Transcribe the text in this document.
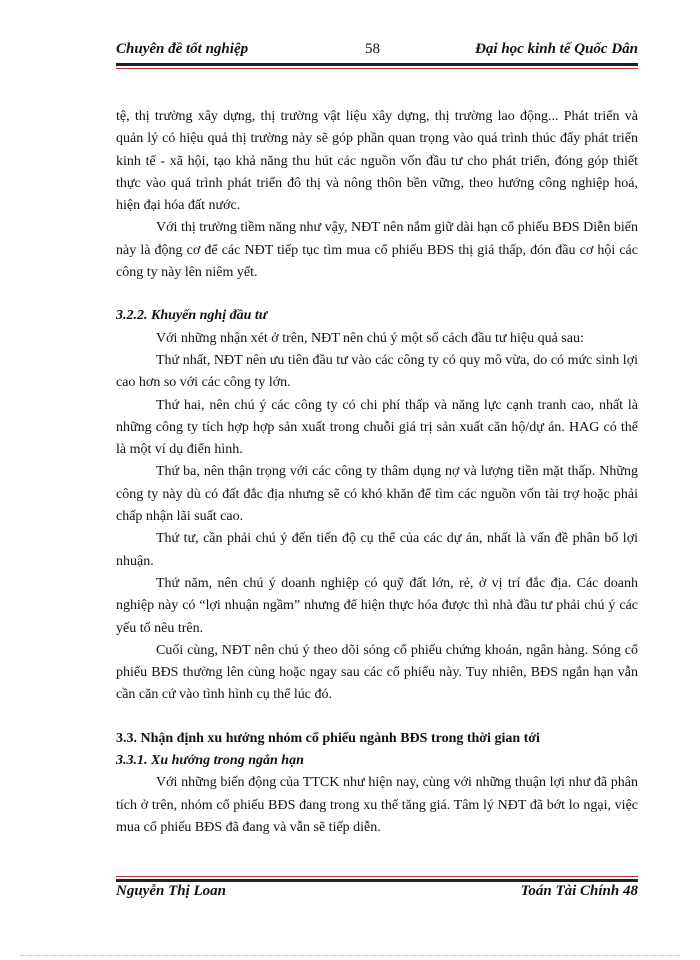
Chuyên đề tốt nghiệp	58	Đại học kinh tế Quốc Dân

tệ, thị trường xây dựng, thị trường vật liệu xây dựng, thị trường lao động... Phát triển và quản lý có hiệu quả thị trường này sẽ góp phần quan trọng vào quá trình thúc đẩy phát triển kinh tế - xã hội, tạo khả năng thu hút các nguồn vốn đầu tư cho phát triển, đóng góp thiết thực vào quá trình phát triển đô thị và nông thôn bền vững, theo hướng công nghiệp hoá, hiện đại hóa đất nước.

Với thị trường tiềm năng như vậy, NĐT nên nắm giữ dài hạn cổ phiếu BĐS Diễn biến này là động cơ để các NĐT tiếp tục tìm mua cổ phiếu BĐS thị giá thấp, đón đầu cơ hội các công ty này lên niêm yết.

3.2.2. Khuyến nghị đầu tư

Với những nhận xét ở trên, NĐT nên chú ý một số cách đầu tư hiệu quả sau:

Thứ nhất, NĐT nên ưu tiên đầu tư vào các công ty có quy mô vừa, do có mức sinh lợi cao hơn so với các công ty lớn.

Thứ hai, nên chú ý các công ty có chi phí thấp và năng lực cạnh tranh cao, nhất là những công ty tích hợp hợp sản xuất trong chuỗi giá trị sản xuất căn hộ/dự án. HAG có thể là một ví dụ điển hình.

Thứ ba, nên thận trọng với các công ty thâm dụng nợ và lượng tiền mặt thấp. Những công ty này dù có đất đắc địa nhưng sẽ có khó khăn để tìm các nguồn vốn tài trợ hoặc phải chấp nhận lãi suất cao.

Thứ tư, cần phải chú ý đến tiến độ cụ thể của các dự án, nhất là vấn đề phân bổ lợi nhuận.

Thứ năm, nên chú ý doanh nghiệp có quỹ đất lớn, rẻ, ở vị trí đắc địa. Các doanh nghiệp này có “lợi nhuận ngầm” nhưng để hiện thực hóa được thì nhà đầu tư phải chú ý các yếu tố nêu trên.

Cuối cùng, NĐT nên chú ý theo dõi sóng cổ phiếu chứng khoán, ngân hàng. Sóng cổ phiếu BĐS thường lên cùng hoặc ngay sau các cổ phiếu này. Tuy nhiên, BĐS ngắn hạn vẫn cần căn cứ vào tình hình cụ thể lúc đó.

3.3. Nhận định xu hướng nhóm cổ phiếu ngành BĐS trong thời gian tới

3.3.1. Xu hướng trong ngắn hạn

Với những biến động của TTCK như hiện nay, cùng với những thuận lợi như đã phân tích ở trên, nhóm cổ phiếu BĐS đang trong xu thế tăng giá. Tâm lý NĐT đã bớt lo ngại, việc mua cổ phiếu BĐS đã đang và vẫn sẽ tiếp diễn.

Nguyễn Thị Loan	Toán Tài Chính 48
